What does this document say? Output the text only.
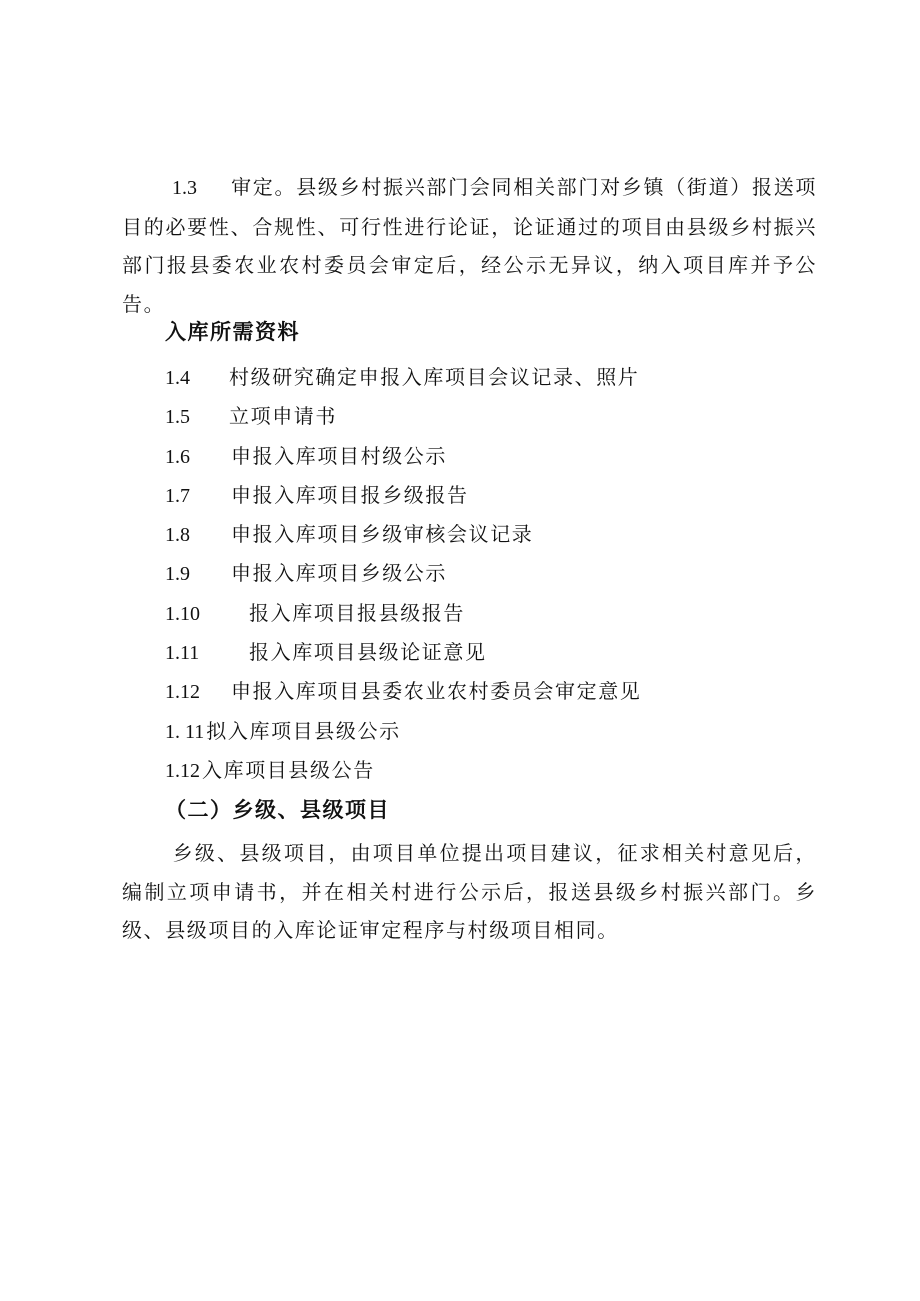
1.3 审定。县级乡村振兴部门会同相关部门对乡镇（街道）报送项目的必要性、合规性、可行性进行论证，论证通过的项目由县级乡村振兴部门报县委农业农村委员会审定后，经公示无异议，纳入项目库并予公告。
入库所需资料
1.4 村级研究确定申报入库项目会议记录、照片
1.5 立项申请书
1.6 申报入库项目村级公示
1.7 申报入库项目报乡级报告
1.8 申报入库项目乡级审核会议记录
1.9 申报入库项目乡级公示
1.10 报入库项目报县级报告
1.11 报入库项目县级论证意见
1.12 申报入库项目县委农业农村委员会审定意见
1. 11 拟入库项目县级公示
1.12 入库项目县级公告
（二）乡级、县级项目
乡级、县级项目，由项目单位提出项目建议，征求相关村意见后，编制立项申请书，并在相关村进行公示后，报送县级乡村振兴部门。乡级、县级项目的入库论证审定程序与村级项目相同。
